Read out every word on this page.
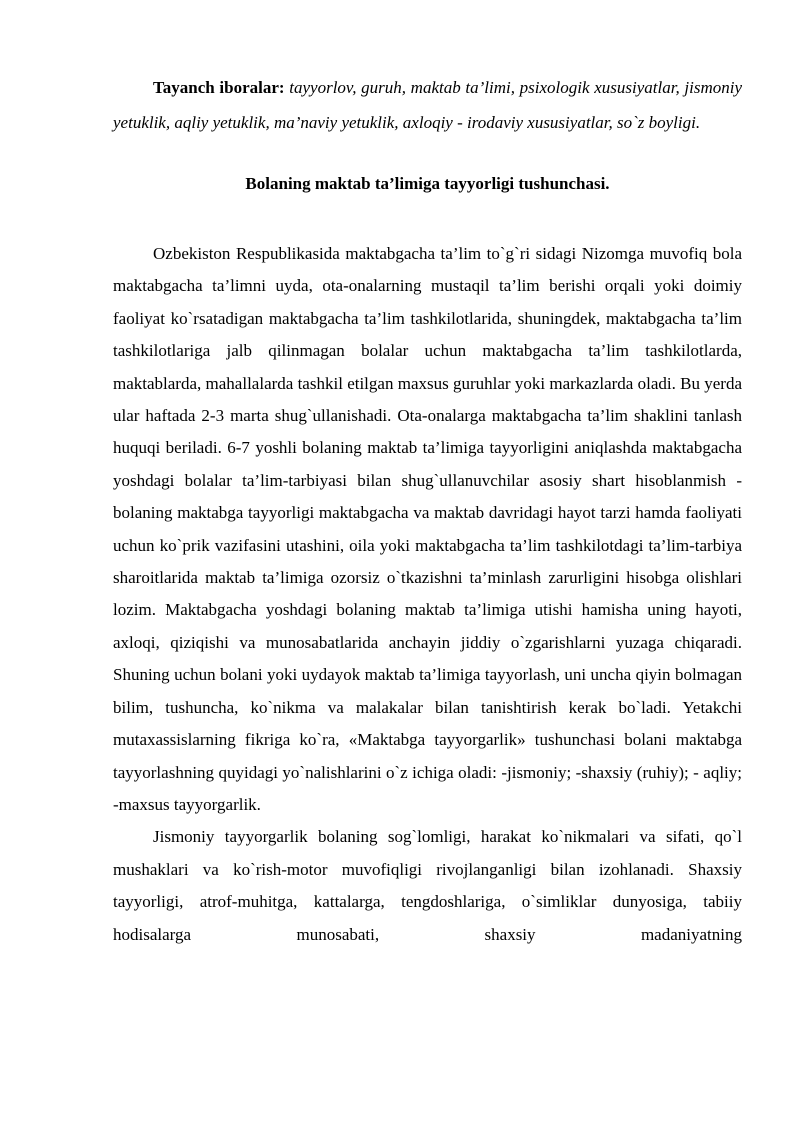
Tayanch iboralar: tayyorlov, guruh, maktab ta’limi, psixologik xususiyatlar, jismoniy yetuklik, aqliy yetuklik, ma’naviy yetuklik, axloqiy - irodaviy xususiyatlar, so`z boyligi.

Bolaning maktab ta’limiga tayyorligi tushunchasi.

Ozbekiston Respublikasida maktabgacha ta’lim to`g`ri sidagi Nizomga muvofiq bola maktabgacha ta’limni uyda, ota-onalarning mustaqil ta’lim berishi orqali yoki doimiy faoliyat ko`rsatadigan maktabgacha ta’lim tashkilotlarida, shuningdek, maktabgacha ta’lim tashkilotlariga jalb qilinmagan bolalar uchun maktabgacha ta’lim tashkilotlarda, maktablarda, mahallalarda tashkil etilgan maxsus guruhlar yoki markazlarda oladi. Bu yerda ular haftada 2-3 marta shug`ullanishadi. Ota-onalarga maktabgacha ta’lim shaklini tanlash huquqi beriladi. 6-7 yoshli bolaning maktab ta’limiga tayyorligini aniqlashda maktabgacha yoshdagi bolalar ta’lim-tarbiyasi bilan shug`ullanuvchilar asosiy shart hisoblanmish - bolaning maktabga tayyorligi maktabgacha va maktab davridagi hayot tarzi hamda faoliyati uchun ko`prik vazifasini utashini, oila yoki maktabgacha ta’lim tashkilotdagi ta’lim-tarbiya sharoitlarida maktab ta’limiga ozorsiz o`tkazishni ta’minlash zarurligini hisobga olishlari lozim. Maktabgacha yoshdagi bolaning maktab ta’limiga utishi hamisha uning hayoti, axloqi, qiziqishi va munosabatlarida anchayin jiddiy o`zgarishlarni yuzaga chiqaradi. Shuning uchun bolani yoki uydayok maktab ta’limiga tayyorlash, uni uncha qiyin bolmagan bilim, tushuncha, ko`nikma va malakalar bilan tanishtirish kerak bo`ladi. Yetakchi mutaxassislarning fikriga ko`ra, «Maktabga tayyorgarlik» tushunchasi bolani maktabga tayyorlashning quyidagi yo`nalishlarini o`z ichiga oladi: -jismoniy; -shaxsiy (ruhiy); - aqliy; -maxsus tayyorgarlik.

Jismoniy tayyorgarlik bolaning sog`lomligi, harakat ko`nikmalari va sifati, qo`l mushaklari va ko`rish-motor muvofiqligi rivojlanganligi bilan izohlanadi. Shaxsiy tayyorligi, atrof-muhitga, kattalarga, tengdoshlariga, o`simliklar dunyosiga, tabiiy hodisalarga munosabati, shaxsiy madaniyatning
